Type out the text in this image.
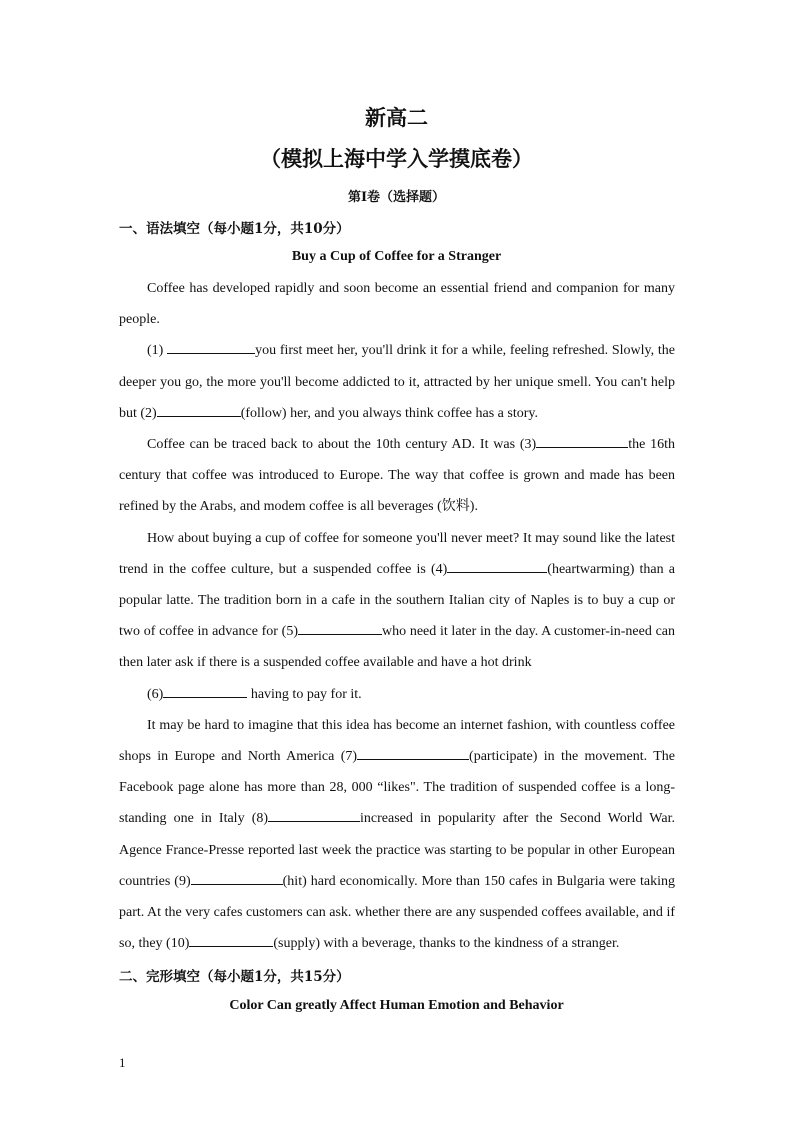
新高二
（模拟上海中学入学摸底卷）
第I卷（选择题）
一、语法填空（每小题1分，共10分）
Buy a Cup of Coffee for a Stranger

Coffee has developed rapidly and soon become an essential friend and companion for many people.

(1)	you first meet her, you'll drink it for a while, feeling refreshed. Slowly, the deeper you go, the more you'll become addicted to it, attracted by her unique smell. You can't help but (2)	(follow) her, and you always think coffee has a story.

Coffee can be traced back to about the 10th century AD. It was (3)	the 16th century that coffee was introduced to Europe. The way that coffee is grown and made has been refined by the Arabs, and modem coffee is all beverages (饮料).

How about buying a cup of coffee for someone you'll never meet? It may sound like the latest trend in the coffee culture, but a suspended coffee is (4)	(heartwarming) than a popular latte. The tradition born in a cafe in the southern Italian city of Naples is to buy a cup or two of coffee in advance for (5)	who need it later in the day. A customer-in-need can then later ask if there is a suspended coffee available and have a hot drink

(6)	having to pay for it.

It may be hard to imagine that this idea has become an internet fashion, with countless coffee shops in Europe and North America (7)	(participate) in the movement. The Facebook page alone has more than 28, 000 “likes". The tradition of suspended coffee is a long-standing one in Italy (8)	increased in popularity after the Second World War. Agence France-Presse reported last week the practice was starting to be popular in other European countries (9)	(hit) hard economically. More than 150 cafes in Bulgaria were taking part. At the very cafes customers can ask. whether there are any suspended coffees available, and if so, they (10)	(supply) with a beverage, thanks to the kindness of a stranger.

二、完形填空（每小题1分，共15分）
Color Can greatly Affect Human Emotion and Behavior
1
